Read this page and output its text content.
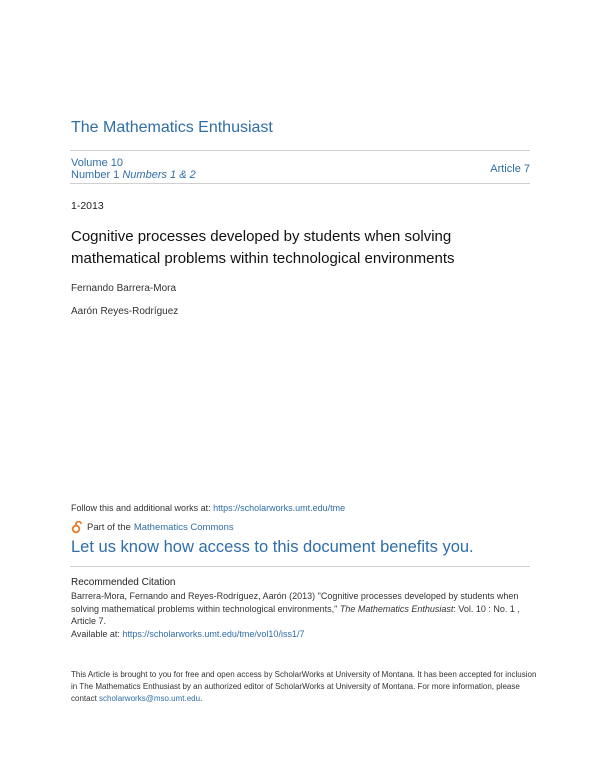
The Mathematics Enthusiast
Volume 10
Number 1 Numbers 1 & 2	Article 7
1-2013
Cognitive processes developed by students when solving mathematical problems within technological environments
Fernando Barrera-Mora
Aarón Reyes-Rodríguez
Follow this and additional works at: https://scholarworks.umt.edu/tme
Part of the Mathematics Commons
Let us know how access to this document benefits you.
Recommended Citation
Barrera-Mora, Fernando and Reyes-Rodríguez, Aarón (2013) "Cognitive processes developed by students when solving mathematical problems within technological environments," The Mathematics Enthusiast: Vol. 10 : No. 1 , Article 7.
Available at: https://scholarworks.umt.edu/tme/vol10/iss1/7
This Article is brought to you for free and open access by ScholarWorks at University of Montana. It has been accepted for inclusion in The Mathematics Enthusiast by an authorized editor of ScholarWorks at University of Montana. For more information, please contact scholarworks@mso.umt.edu.
